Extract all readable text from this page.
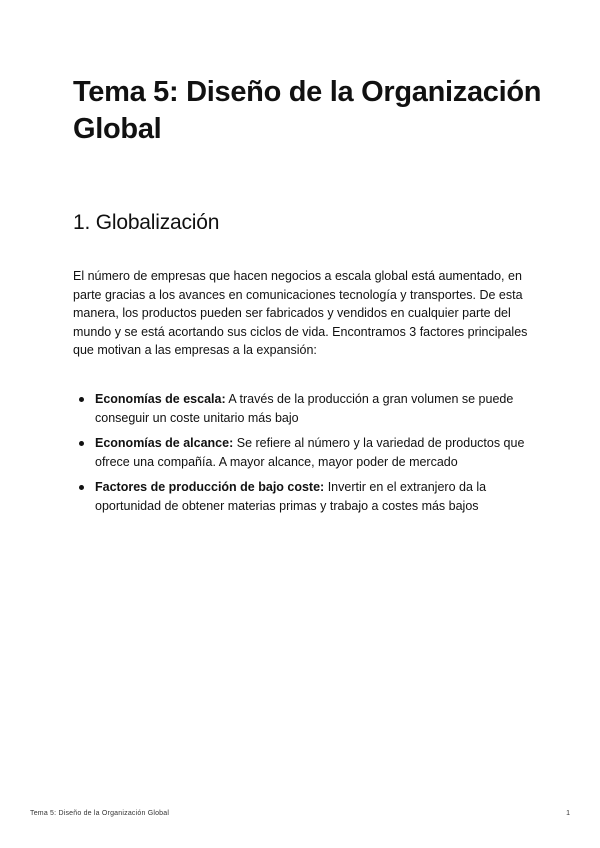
Tema 5: Diseño de la Organización Global
1. Globalización

El número de empresas que hacen negocios a escala global está aumentado, en parte gracias a los avances en comunicaciones tecnología y transportes. De esta manera, los productos pueden ser fabricados y vendidos en cualquier parte del mundo y se está acortando sus ciclos de vida. Encontramos 3 factores principales que motivan a las empresas a la expansión:

Economías de escala: A través de la producción a gran volumen se puede conseguir un coste unitario más bajo
Economías de alcance: Se refiere al número y la variedad de productos que ofrece una compañía. A mayor alcance, mayor poder de mercado
Factores de producción de bajo coste: Invertir en el extranjero da la oportunidad de obtener materias primas y trabajo a costes más bajos
Tema 5: Diseño de la Organización Global	1
